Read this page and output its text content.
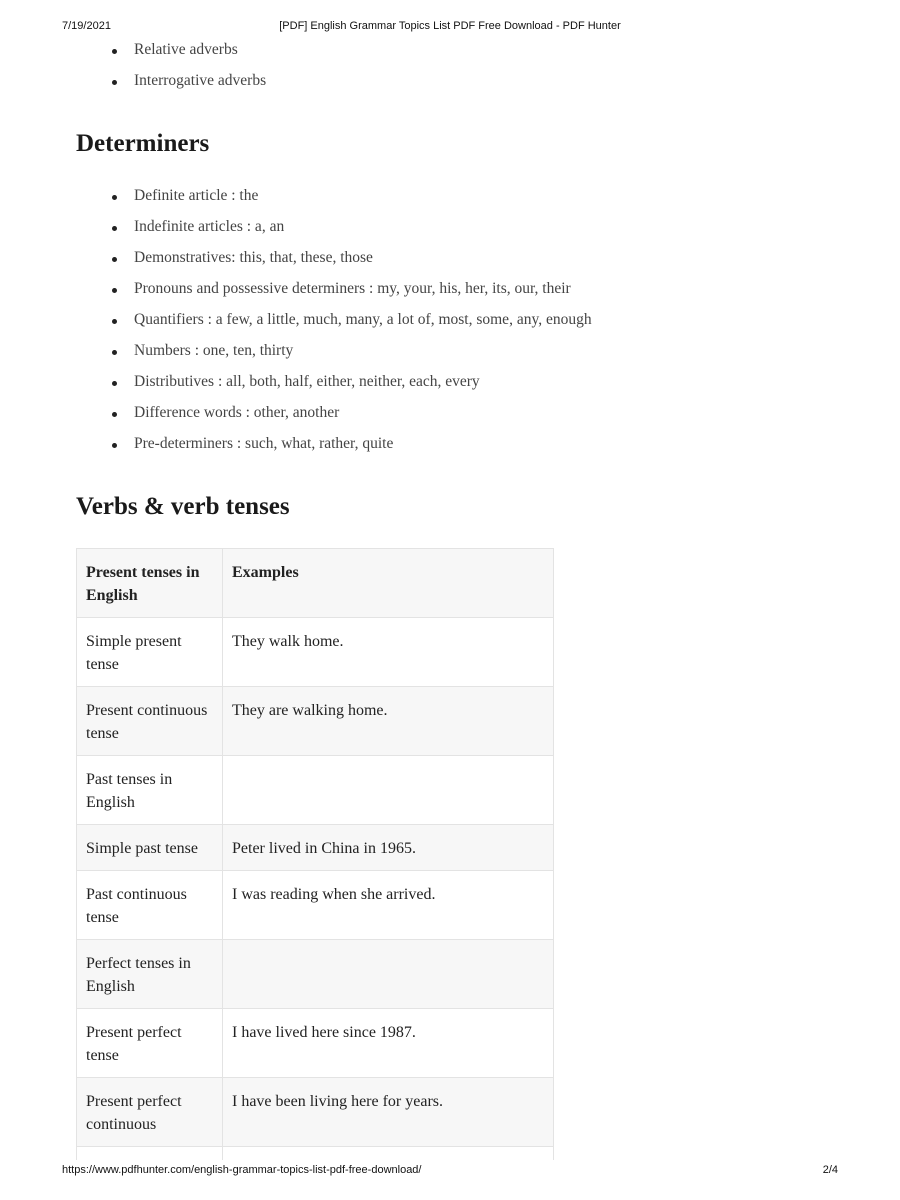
7/19/2021	[PDF] English Grammar Topics List PDF Free Download - PDF Hunter
Relative adverbs
Interrogative adverbs
Determiners
Definite article : the
Indefinite articles : a, an
Demonstratives: this, that, these, those
Pronouns and possessive determiners : my, your, his, her, its, our, their
Quantifiers : a few, a little, much, many, a lot of, most, some, any, enough
Numbers : one, ten, thirty
Distributives : all, both, half, either, neither, each, every
Difference words : other, another
Pre-determiners : such, what, rather, quite
Verbs & verb tenses
Present tenses in English	Examples
Simple present tense	They walk home.
Present continuous tense	They are walking home.
Past tenses in English	
Simple past tense	Peter lived in China in 1965.
Past continuous tense	I was reading when she arrived.
Perfect tenses in English	
Present perfect tense	I have lived here since 1987.
Present perfect continuous	I have been living here for years.

https://www.pdfhunter.com/english-grammar-topics-list-pdf-free-download/	2/4
